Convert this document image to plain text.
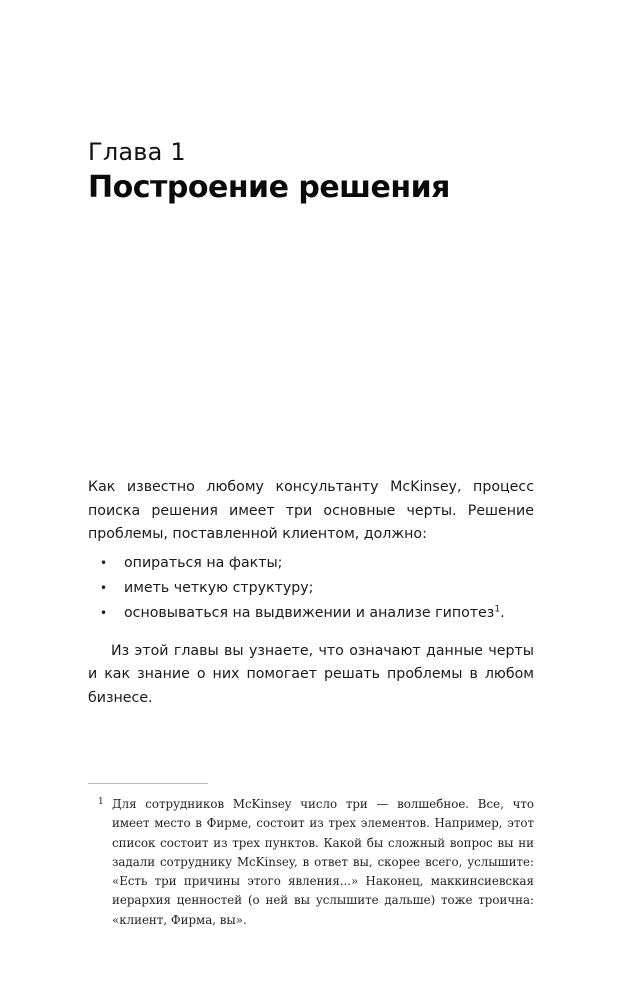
Глава 1
Построение решения

Как известно любому консультанту McKinsey, процесс поиска решения имеет три основные черты. Решение проблемы, поставленной клиентом, должно:

• опираться на факты;
• иметь четкую структуру;
• основываться на выдвижении и анализе гипотез$^1$.

Из этой главы вы узнаете, что означают данные черты и как знание о них помогает решать проблемы в любом бизнесе.

1 Для сотрудников McKinsey число три — волшебное. Все, что имеет место в Фирме, состоит из трех элементов. Например, этот список состоит из трех пунктов. Какой бы сложный вопрос вы ни задали сотруднику McKinsey, в ответ вы, скорее всего, услышите: «Есть три причины этого явления...» Наконец, маккинсиевская иерархия ценностей (о ней вы услышите дальше) тоже троична: «клиент, Фирма, вы».
